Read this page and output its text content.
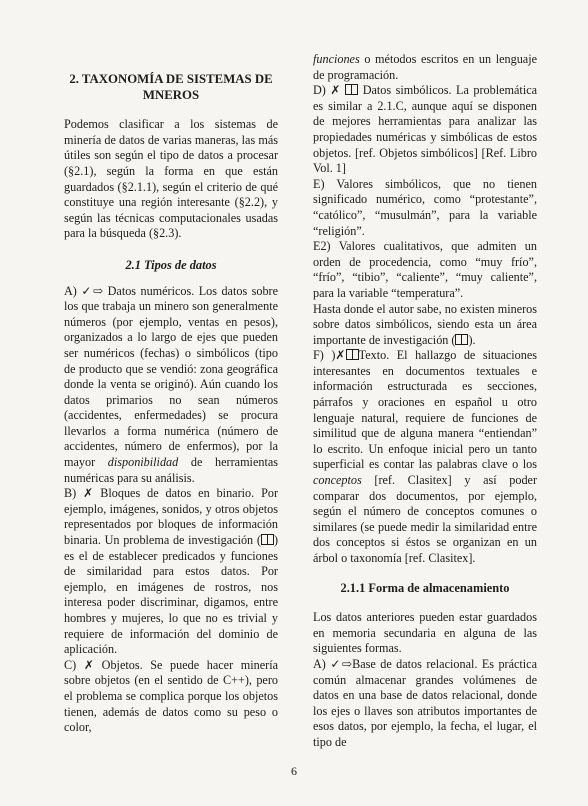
2. TAXONOMÍA DE SISTEMAS DE MNEROS

Podemos clasificar a los sistemas de minería de datos de varias maneras, las más útiles son según el tipo de datos a procesar (§2.1), según la forma en que están guardados (§2.1.1), según el criterio de qué constituye una región interesante (§2.2), y según las técnicas computacionales usadas para la búsqueda (§2.3).

2.1 Tipos de datos

A) ✓⇨ Datos numéricos. Los datos sobre los que trabaja un minero son generalmente números (por ejemplo, ventas en pesos), organizados a lo largo de ejes que pueden ser numéricos (fechas) o simbólicos (tipo de producto que se vendió: zona geográfica donde la venta se originó). Aún cuando los datos primarios no sean números (accidentes, enfermedades) se procura llevarlos a forma numérica (número de accidentes, número de enfermos), por la mayor disponibilidad de herramientas numéricas para su análisis.

B) ✗ Bloques de datos en binario. Por ejemplo, imágenes, sonidos, y otros objetos representados por bloques de información binaria. Un problema de investigación ( ) es el de establecer predicados y funciones de similaridad para estos datos. Por ejemplo, en imágenes de rostros, nos interesa poder discriminar, digamos, entre hombres y mujeres, lo que no es trivial y requiere de información del dominio de aplicación.

C) ✗ Objetos. Se puede hacer minería sobre objetos (en el sentido de C++), pero el problema se complica porque los objetos tienen, además de datos como su peso o color,

funciones o métodos escritos en un lenguaje de programación.

D) ✗ Datos simbólicos. La problemática es similar a 2.1.C, aunque aquí se disponen de mejores herramientas para analizar las propiedades numéricas y simbólicas de estos objetos. [ref. Objetos simbólicos] [Ref. Libro Vol. 1]

E) Valores simbólicos, que no tienen significado numérico, como “protestante”, “católico”, “musulmán”, para la variable “religión”.

E2) Valores cualitativos, que admiten un orden de procedencia, como “muy frío”, “frío”, “tibio”, “caliente”, “muy caliente”, para la variable “temperatura”.

Hasta donde el autor sabe, no existen mineros sobre datos simbólicos, siendo esta un área importante de investigación ( ).

F) )✗ Texto. El hallazgo de situaciones interesantes en documentos textuales e información estructurada es secciones, párrafos y oraciones en español u otro lenguaje natural, requiere de funciones de similitud que de alguna manera “entiendan” lo escrito. Un enfoque inicial pero un tanto superficial es contar las palabras clave o los conceptos [ref. Clasitex] y así poder comparar dos documentos, por ejemplo, según el número de conceptos comunes o similares (se puede medir la similaridad entre dos conceptos si éstos se organizan en un árbol o taxonomía [ref. Clasitex].

2.1.1 Forma de almacenamiento

Los datos anteriores pueden estar guardados en memoria secundaria en alguna de las siguientes formas.

A) ✓⇨Base de datos relacional. Es práctica común almacenar grandes volúmenes de datos en una base de datos relacional, donde los ejes o llaves son atributos importantes de esos datos, por ejemplo, la fecha, el lugar, el tipo de

6
